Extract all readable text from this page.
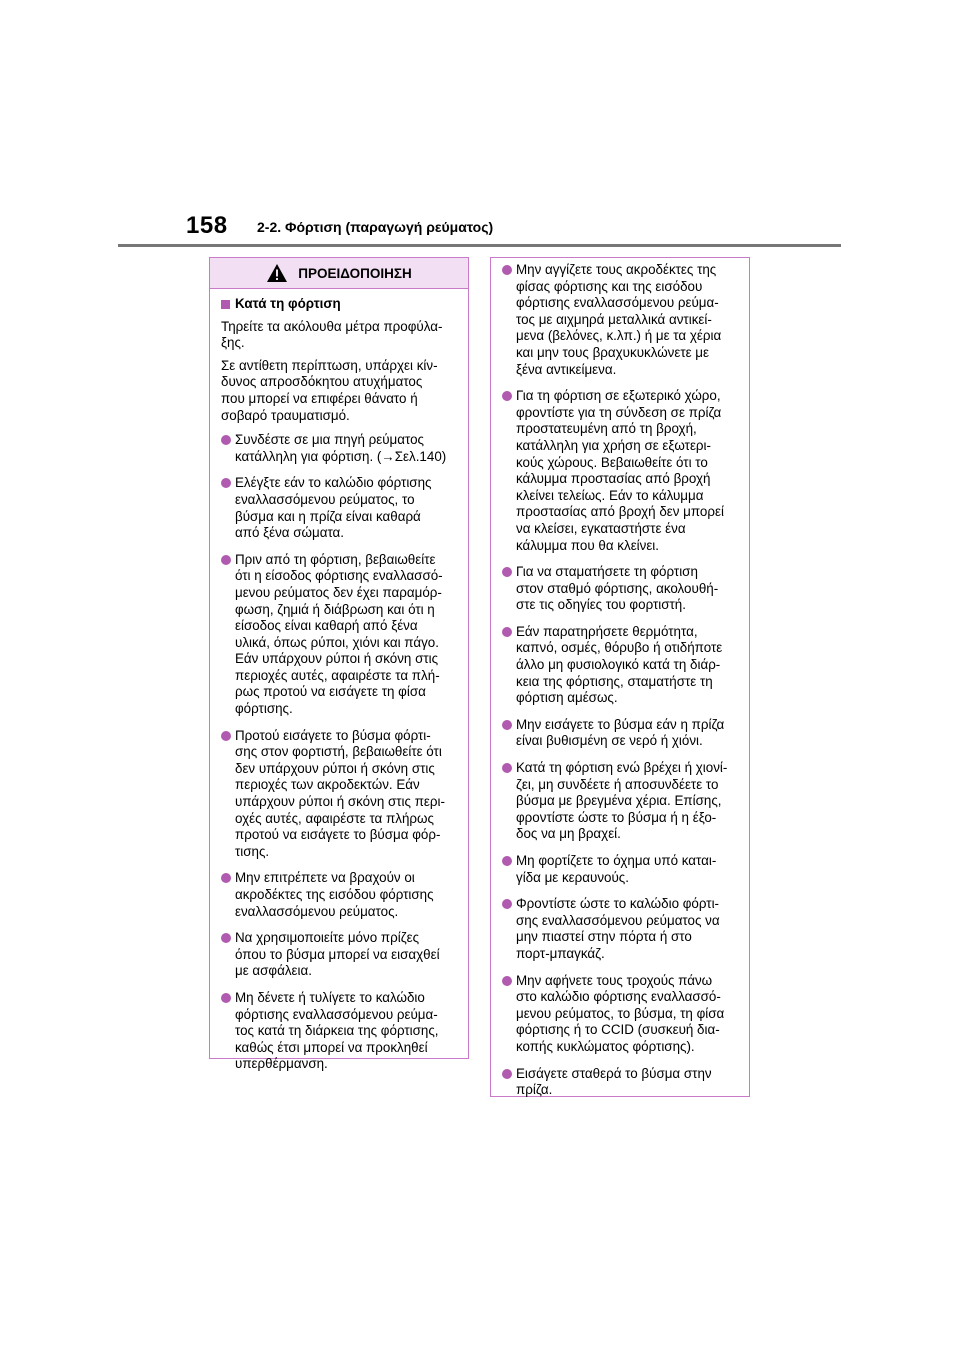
158 2-2. Φόρτιση (παραγωγή ρεύματος)
ΠΡΟΕΙΔΟΠΟΙΗΣΗ
Κατά τη φόρτιση
Τηρείτε τα ακόλουθα μέτρα προφύλα-
ξης.
Σε αντίθετη περίπτωση, υπάρχει κίν-
δυνος απροσδόκητου ατυχήματος
που μπορεί να επιφέρει θάνατο ή
σοβαρό τραυματισμό.
Συνδέστε σε μια πηγή ρεύματος
κατάλληλη για φόρτιση. (→Σελ.140)
Ελέγξτε εάν το καλώδιο φόρτισης
εναλλασσόμενου ρεύματος, το
βύσμα και η πρίζα είναι καθαρά
από ξένα σώματα.
Πριν από τη φόρτιση, βεβαιωθείτε
ότι η είσοδος φόρτισης εναλλασσό-
μενου ρεύματος δεν έχει παραμόρ-
φωση, ζημιά ή διάβρωση και ότι η
είσοδος είναι καθαρή από ξένα
υλικά, όπως ρύποι, χιόνι και πάγο.
Εάν υπάρχουν ρύποι ή σκόνη στις
περιοχές αυτές, αφαιρέστε τα πλή-
ρως προτού να εισάγετε τη φίσα
φόρτισης.
Προτού εισάγετε το βύσμα φόρτι-
σης στον φορτιστή, βεβαιωθείτε ότι
δεν υπάρχουν ρύποι ή σκόνη στις
περιοχές των ακροδεκτών. Εάν
υπάρχουν ρύποι ή σκόνη στις περι-
οχές αυτές, αφαιρέστε τα πλήρως
προτού να εισάγετε το βύσμα φόρ-
τισης.
Μην επιτρέπετε να βραχούν οι
ακροδέκτες της εισόδου φόρτισης
εναλλασσόμενου ρεύματος.
Να χρησιμοποιείτε μόνο πρίζες
όπου το βύσμα μπορεί να εισαχθεί
με ασφάλεια.
Μη δένετε ή τυλίγετε το καλώδιο
φόρτισης εναλλασσόμενου ρεύμα-
τος κατά τη διάρκεια της φόρτισης,
καθώς έτσι μπορεί να προκληθεί
υπερθέρμανση.
Μην αγγίζετε τους ακροδέκτες της
φίσας φόρτισης και της εισόδου
φόρτισης εναλλασσόμενου ρεύμα-
τος με αιχμηρά μεταλλικά αντικεί-
μενα (βελόνες, κ.λπ.) ή με τα χέρια
και μην τους βραχυκυκλώνετε με
ξένα αντικείμενα.
Για τη φόρτιση σε εξωτερικό χώρο,
φροντίστε για τη σύνδεση σε πρίζα
προστατευμένη από τη βροχή,
κατάλληλη για χρήση σε εξωτερι-
κούς χώρους. Βεβαιωθείτε ότι το
κάλυμμα προστασίας από βροχή
κλείνει τελείως. Εάν το κάλυμμα
προστασίας από βροχή δεν μπορεί
να κλείσει, εγκαταστήστε ένα
κάλυμμα που θα κλείνει.
Για να σταματήσετε τη φόρτιση
στον σταθμό φόρτισης, ακολουθή-
στε τις οδηγίες του φορτιστή.
Εάν παρατηρήσετε θερμότητα,
καπνό, οσμές, θόρυβο ή οτιδήποτε
άλλο μη φυσιολογικό κατά τη διάρ-
κεια της φόρτισης, σταματήστε τη
φόρτιση αμέσως.
Μην εισάγετε το βύσμα εάν η πρίζα
είναι βυθισμένη σε νερό ή χιόνι.
Κατά τη φόρτιση ενώ βρέχει ή χιονί-
ζει, μη συνδέετε ή αποσυνδέετε το
βύσμα με βρεγμένα χέρια. Επίσης,
φροντίστε ώστε το βύσμα ή η έξο-
δος να μη βραχεί.
Μη φορτίζετε το όχημα υπό καται-
γίδα με κεραυνούς.
Φροντίστε ώστε το καλώδιο φόρτι-
σης εναλλασσόμενου ρεύματος να
μην πιαστεί στην πόρτα ή στο
πορτ-μπαγκάζ.
Μην αφήνετε τους τροχούς πάνω
στο καλώδιο φόρτισης εναλλασσό-
μενου ρεύματος, το βύσμα, τη φίσα
φόρτισης ή το CCID (συσκευή δια-
κοπής κυκλώματος φόρτισης).
Εισάγετε σταθερά το βύσμα στην
πρίζα.
